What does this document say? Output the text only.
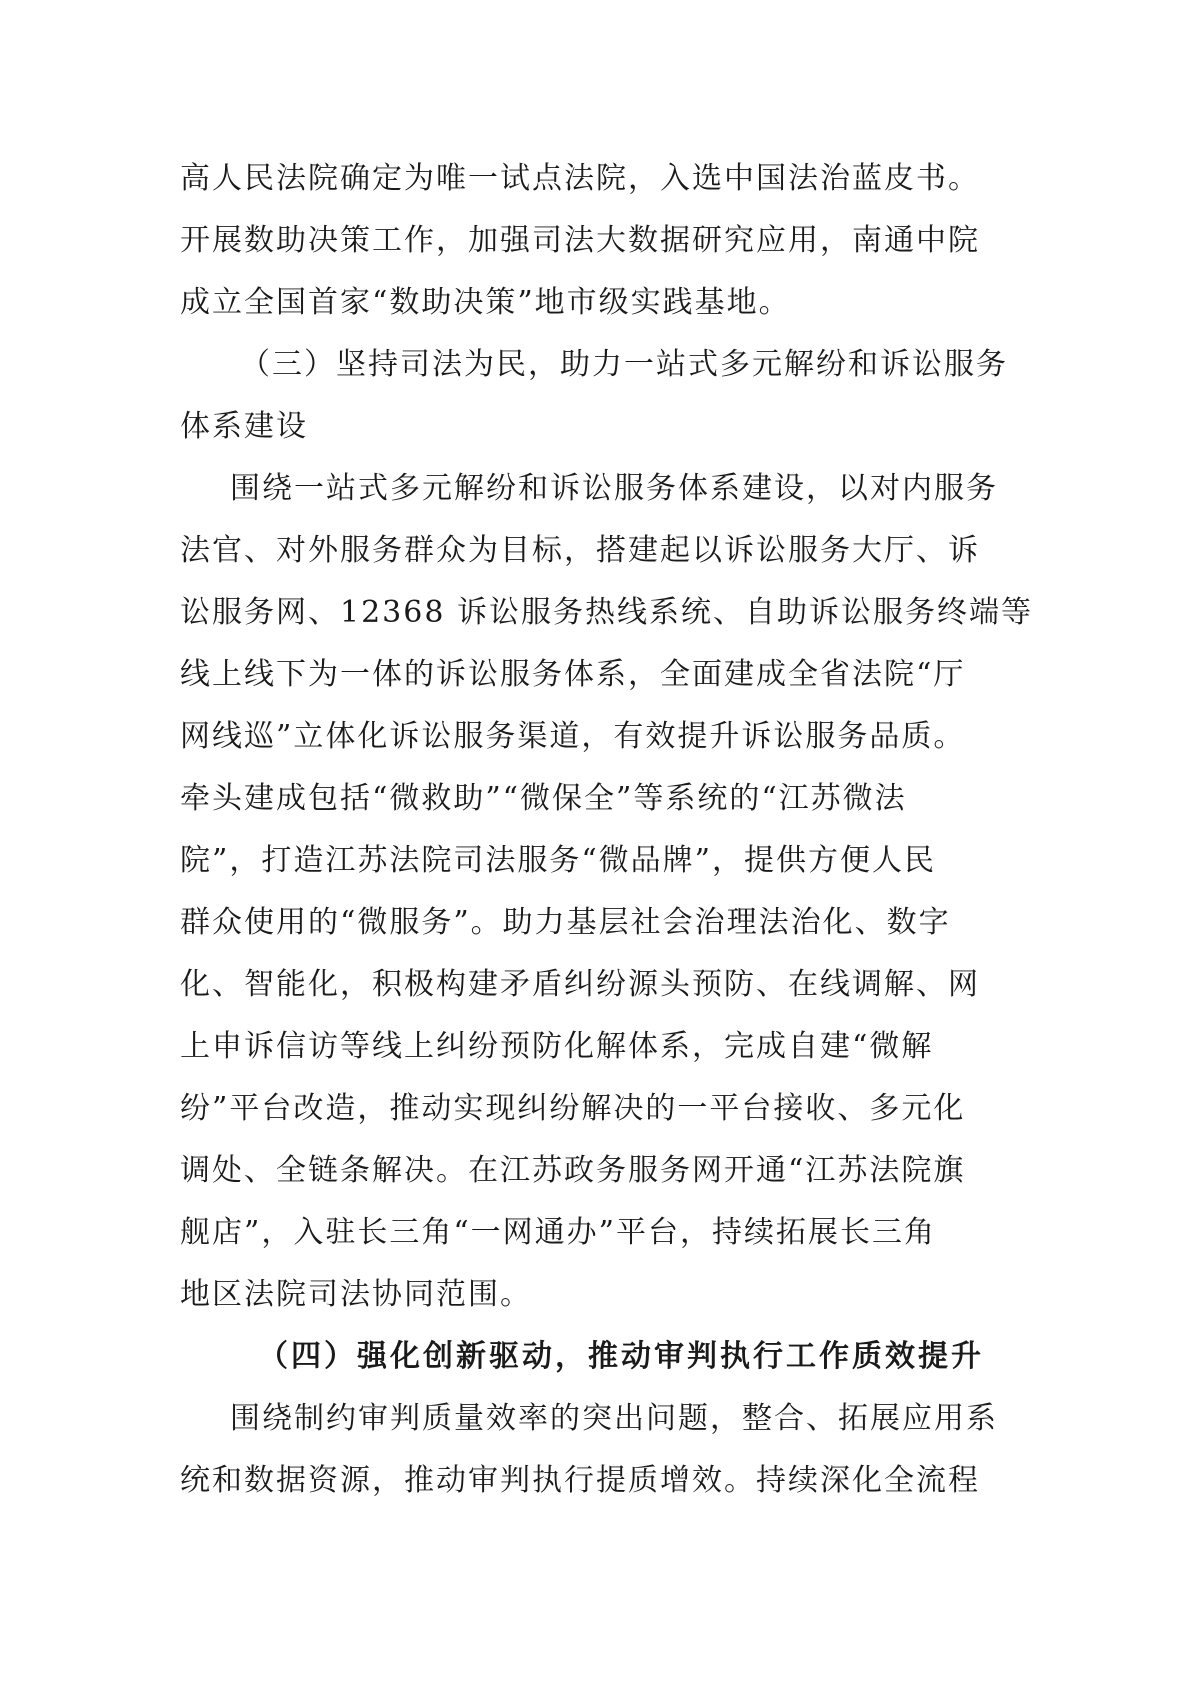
高人民法院确定为唯一试点法院，入选中国法治蓝皮书。
开展数助决策工作，加强司法大数据研究应用，南通中院
成立全国首家“数助决策”地市级实践基地。
（三）坚持司法为民，助力一站式多元解纷和诉讼服务
体系建设
围绕一站式多元解纷和诉讼服务体系建设，以对内服务
法官、对外服务群众为目标，搭建起以诉讼服务大厅、诉
讼服务网、12368 诉讼服务热线系统、自助诉讼服务终端等
线上线下为一体的诉讼服务体系，全面建成全省法院“厅
网线巡”立体化诉讼服务渠道，有效提升诉讼服务品质。
牵头建成包括“微救助”“微保全”等系统的“江苏微法
院”，打造江苏法院司法服务“微品牌”，提供方便人民
群众使用的“微服务”。助力基层社会治理法治化、数字
化、智能化，积极构建矛盾纠纷源头预防、在线调解、网
上申诉信访等线上纠纷预防化解体系，完成自建“微解
纷”平台改造，推动实现纠纷解决的一平台接收、多元化
调处、全链条解决。在江苏政务服务网开通“江苏法院旗
舰店”，入驻长三角“一网通办”平台，持续拓展长三角
地区法院司法协同范围。
（四）强化创新驱动，推动审判执行工作质效提升
围绕制约审判质量效率的突出问题，整合、拓展应用系
统和数据资源，推动审判执行提质增效。持续深化全流程
